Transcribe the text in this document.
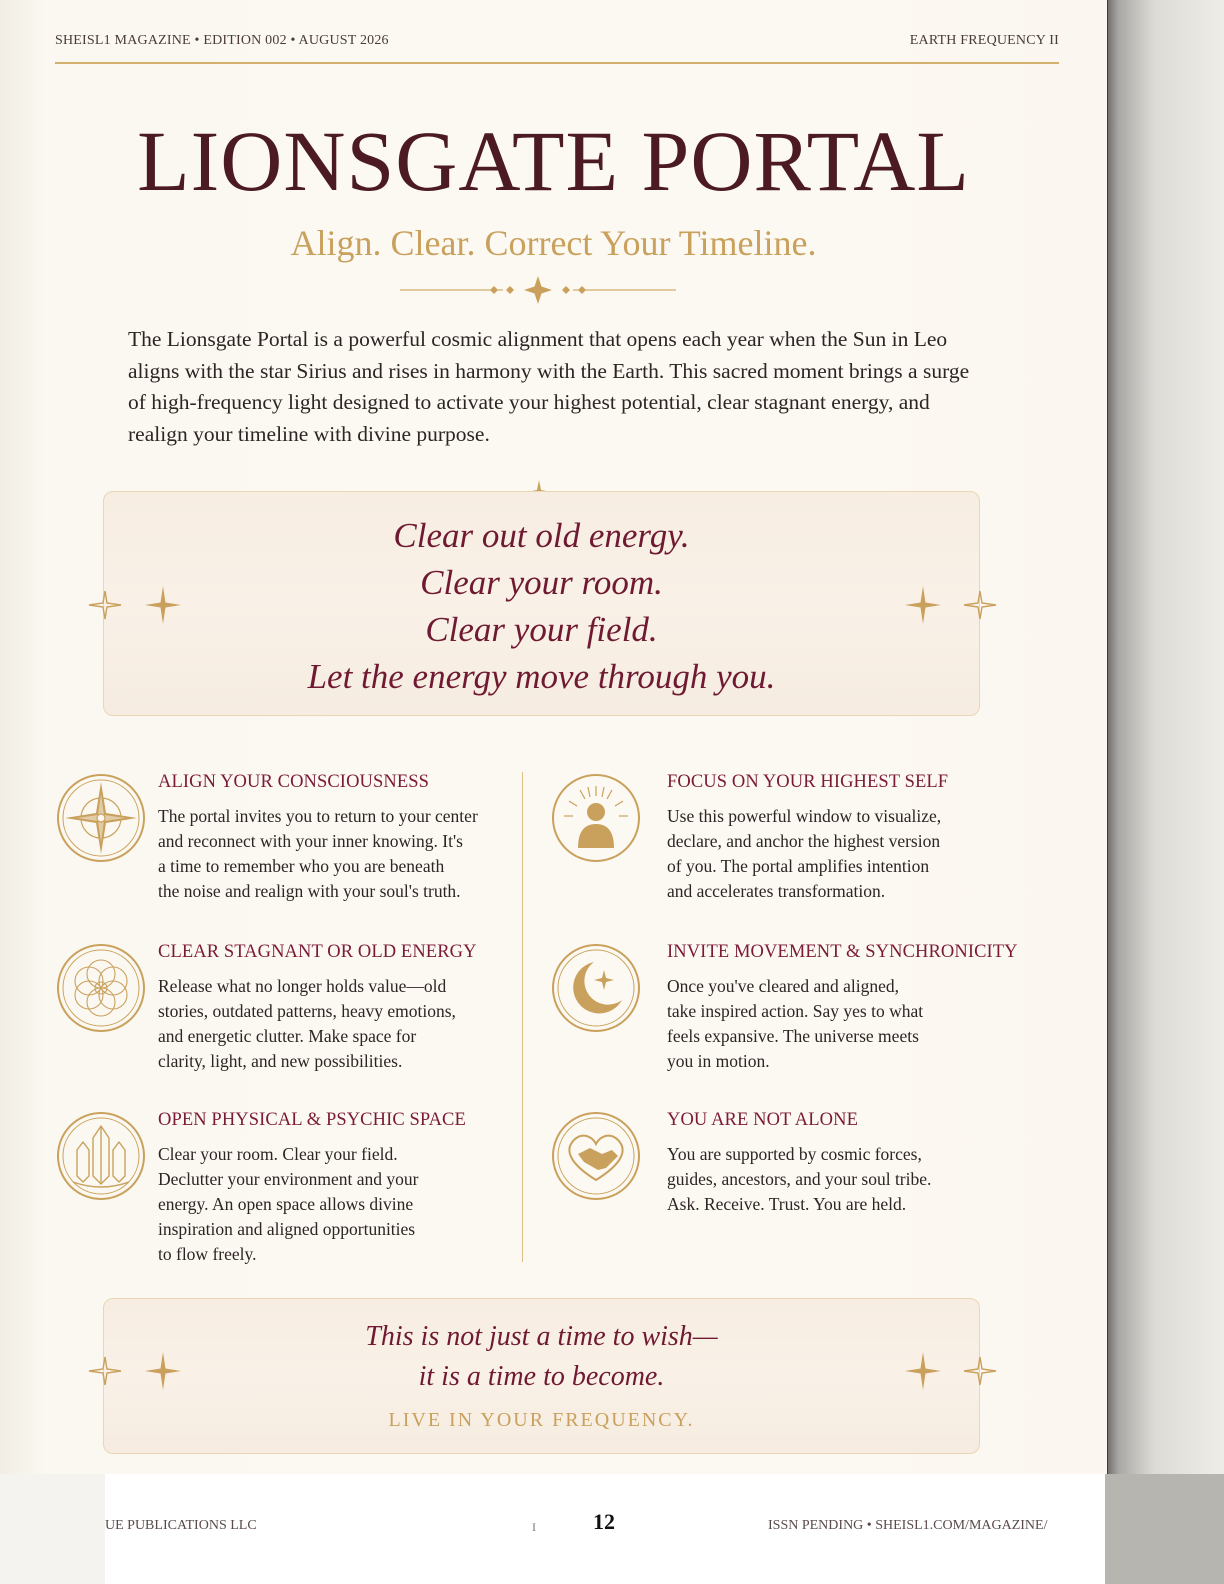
SHEISL1 MAGAZINE • EDITION 002 • AUGUST 2026	EARTH FREQUENCY II
LIONSGATE PORTAL
Align. Clear. Correct Your Timeline.
The Lionsgate Portal is a powerful cosmic alignment that opens each year when the Sun in Leo aligns with the star Sirius and rises in harmony with the Earth. This sacred moment brings a surge of high-frequency light designed to activate your highest potential, clear stagnant energy, and realign your timeline with divine purpose.
Clear out old energy.
Clear your room.
Clear your field.
Let the energy move through you.
ALIGN YOUR CONSCIOUSNESS
The portal invites you to return to your center
and reconnect with your inner knowing. It's
a time to remember who you are beneath
the noise and realign with your soul's truth.
FOCUS ON YOUR HIGHEST SELF
Use this powerful window to visualize,
declare, and anchor the highest version
of you. The portal amplifies intention
and accelerates transformation.
CLEAR STAGNANT OR OLD ENERGY
Release what no longer holds value—old
stories, outdated patterns, heavy emotions,
and energetic clutter. Make space for
clarity, light, and new possibilities.
INVITE MOVEMENT & SYNCHRONICITY
Once you've cleared and aligned,
take inspired action. Say yes to what
feels expansive. The universe meets
you in motion.
OPEN PHYSICAL & PSYCHIC SPACE
Clear your room. Clear your field.
Declutter your environment and your
energy. An open space allows divine
inspiration and aligned opportunities
to flow freely.
YOU ARE NOT ALONE
You are supported by cosmic forces,
guides, ancestors, and your soul tribe.
Ask. Receive. Trust. You are held.
This is not just a time to wish—
it is a time to become.
LIVE IN YOUR FREQUENCY.
UE PUBLICATIONS LLC	I	12	ISSN PENDING • SHEISL1.COM/MAGAZINE/
